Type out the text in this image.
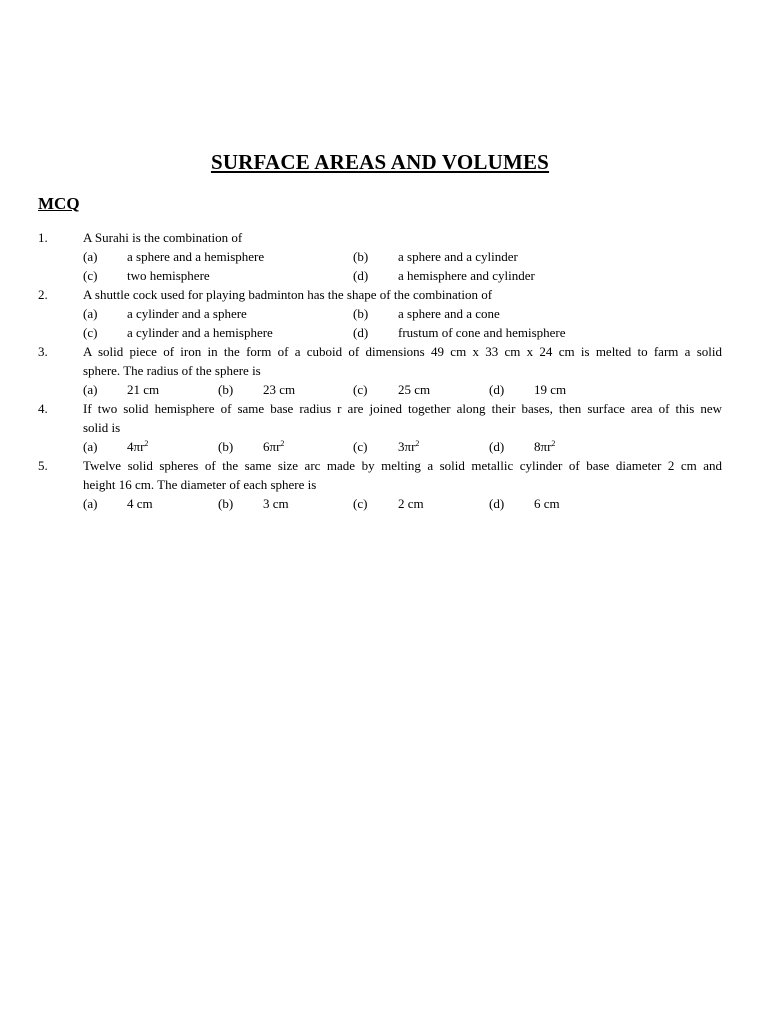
SURFACE AREAS AND VOLUMES
MCQ
1.	A Surahi is the combination of
(a) a sphere and a hemisphere	(b) a sphere and a cylinder
(c) two hemisphere	(d) a hemisphere and cylinder
2.	A shuttle cock used for playing badminton has the shape of the combination of
(a) a cylinder and a sphere	(b) a sphere and a cone
(c) a cylinder and a hemisphere	(d) frustum of cone and hemisphere
3.	A solid piece of iron in the form of a cuboid of dimensions 49 cm x 33 cm x 24 cm is melted to farm a solid
sphere. The radius of the sphere is
(a) 21 cm	(b) 23 cm	(c) 25 cm	(d) 19 cm
4.	If two solid hemisphere of same base radius r are joined together along their bases, then surface area of this new
solid is
(a) $4\pi r^2$	(b) $6\pi r^2$	(c) $3\pi r^2$	(d) $8\pi r^2$
5.	Twelve solid spheres of the same size arc made by melting a solid metallic cylinder of base diameter 2 cm and
height 16 cm. The diameter of each sphere is
(a) 4 cm	(b) 3 cm	(c) 2 cm	(d) 6 cm
